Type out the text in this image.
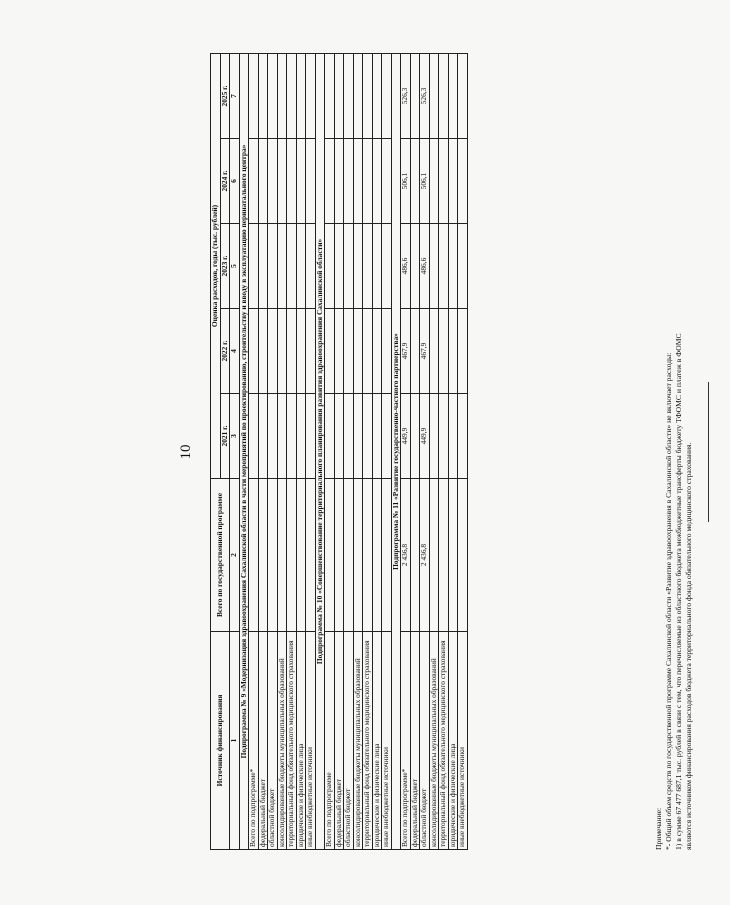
10
Источник финансирования	Всего по государственной программе	Оценка расходов, годы (тыс. рублей)				
		2021 г.	2022 г.	2023 г.	2024 г.	2025 г.
1	2	3	4	5	6	7
Подпрограмма № 9 «Модернизация здравоохранения Сахалинской области в части мероприятий по проектированию, строительству и вводу в эксплуатацию перинатального центра»						
Всего по подпрограмме*						
федеральный бюджет						
областной бюджет						
консолидированные бюджеты муниципальных образований						
территориальный фонд обязательного медицинского страхования						
юридические и физические лица						
иные внебюджетные источники						
Подпрограмма № 10 «Совершенствование территориального планирования развития здравоохранения Сахалинской области»						
Всего по подпрограмме						
федеральный бюджет						
областной бюджет						
консолидированные бюджеты муниципальных образований						
территориальный фонд обязательного медицинского страхования						
юридические и физические лица						
иные внебюджетные источники						
Подпрограмма № 11 «Развитие государственно-частного партнерства»						
Всего по подпрограмме*	2 436,8	449,9	467,9	486,6	506,1	526,3
федеральный бюджет						
областной бюджет	2 436,8	449,9	467,9	486,6	506,1	526,3
консолидированные бюджеты муниципальных образований						
территориальный фонд обязательного медицинского страхования						
юридические и физические лица						
иные внебюджетные источники							Примечание: *- Общий объем средств по государственной программе Сахалинской области «Развитие здравоохранения в Сахалинской области» не включает расходы: 1) в сумме 67 477 687,1 тыс. рублей в связи с тем, что перечисляемые из областного бюджета межбюджетные трансферты бюджету ТФОМС и платеж в ФОМС являются источником финансирования расходов бюджета территориального фонда обязательного медицинского страхования.
